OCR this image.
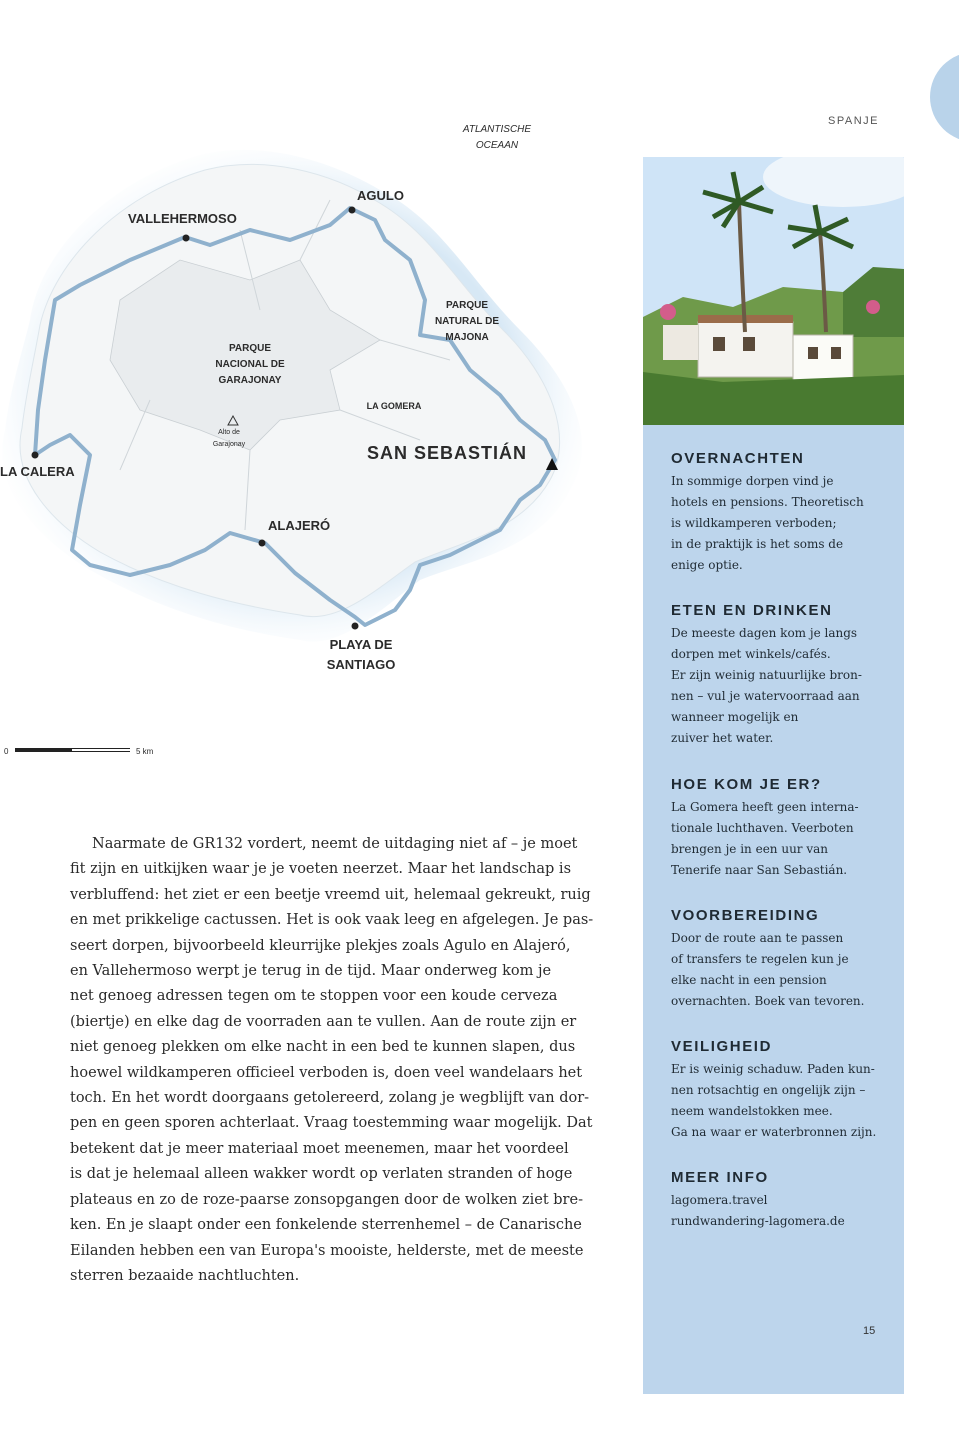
SPANJE
ATLANTISCHE
OCEAAN
AGULO
VALLEHERMOSO
PARQUE
NATURAL DE
MAJONA
PARQUE
NACIONAL DE
GARAJONAY
LA GOMERA
Alto de
Garajonay
LA CALERA
SAN SEBASTIÁN
ALAJERÓ
PLAYA DE
SANTIAGO
0	5 km
OVERNACHTEN
In sommige dorpen vind je
hotels en pensions. Theoretisch
is wildkamperen verboden;
in de praktijk is het soms de
enige optie.
ETEN EN DRINKEN
De meeste dagen kom je langs
dorpen met winkels/cafés.
Er zijn weinig natuurlijke bron-
nen – vul je watervoorraad aan
wanneer mogelijk en
zuiver het water.
HOE KOM JE ER?
La Gomera heeft geen interna-
tionale luchthaven. Veerboten
brengen je in een uur van
Tenerife naar San Sebastián.
VOORBEREIDING
Door de route aan te passen
of transfers te regelen kun je
elke nacht in een pension
overnachten. Boek van tevoren.
VEILIGHEID
Er is weinig schaduw. Paden kun-
nen rotsachtig en ongelijk zijn –
neem wandelstokken mee.
Ga na waar er waterbronnen zijn.
MEER INFO
lagomera.travel
rundwandering-lagomera.de
15
Naarmate de GR132 vordert, neemt de uitdaging niet af – je moet
fit zijn en uitkijken waar je je voeten neerzet. Maar het landschap is
verbluffend: het ziet er een beetje vreemd uit, helemaal gekreukt, ruig
en met prikkelige cactussen. Het is ook vaak leeg en afgelegen. Je pas-
seert dorpen, bijvoorbeeld kleurrijke plekjes zoals Agulo en Alajeró,
en Vallehermoso werpt je terug in de tijd. Maar onderweg kom je
net genoeg adressen tegen om te stoppen voor een koude cerveza
(biertje) en elke dag de voorraden aan te vullen. Aan de route zijn er
niet genoeg plekken om elke nacht in een bed te kunnen slapen, dus
hoewel wildkamperen officieel verboden is, doen veel wandelaars het
toch. En het wordt doorgaans getolereerd, zolang je wegblijft van dor-
pen en geen sporen achterlaat. Vraag toestemming waar mogelijk. Dat
betekent dat je meer materiaal moet meenemen, maar het voordeel
is dat je helemaal alleen wakker wordt op verlaten stranden of hoge
plateaus en zo de roze-paarse zonsopgangen door de wolken ziet bre-
ken. En je slaapt onder een fonkelende sterrenhemel – de Canarische
Eilanden hebben een van Europa's mooiste, helderste, met de meeste
sterren bezaaide nachtluchten.
